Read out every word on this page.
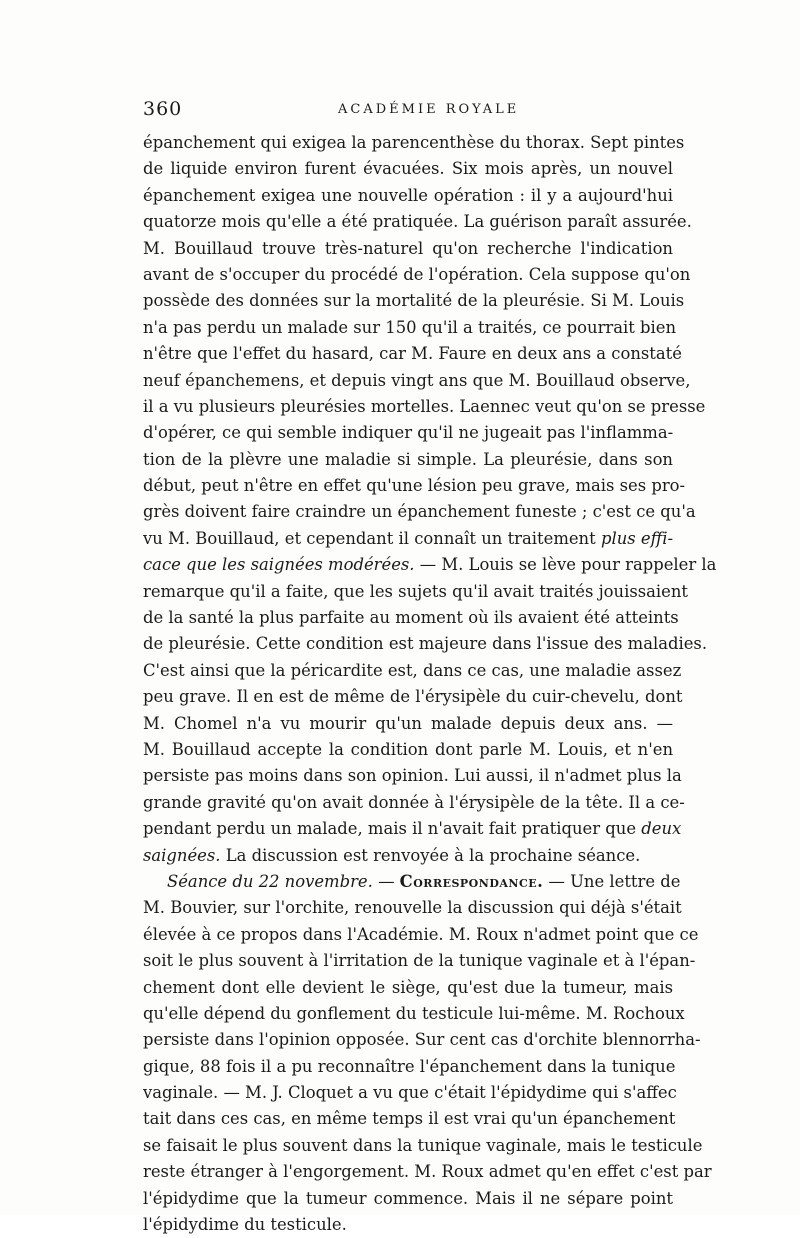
360	ACADÉMIE ROYALE
épanchement qui exigea la parencenthèse du thorax. Sept pintes
de liquide environ furent évacuées. Six mois après, un nouvel
épanchement exigea une nouvelle opération : il y a aujourd'hui
quatorze mois qu'elle a été pratiquée. La guérison paraît assurée.
M. Bouillaud trouve très-naturel qu'on recherche l'indication
avant de s'occuper du procédé de l'opération. Cela suppose qu'on
possède des données sur la mortalité de la pleurésie. Si M. Louis
n'a pas perdu un malade sur 150 qu'il a traités, ce pourrait bien
n'être que l'effet du hasard, car M. Faure en deux ans a constaté
neuf épanchemens, et depuis vingt ans que M. Bouillaud observe,
il a vu plusieurs pleurésies mortelles. Laennec veut qu'on se presse
d'opérer, ce qui semble indiquer qu'il ne jugeait pas l'inflamma-
tion de la plèvre une maladie si simple. La pleurésie, dans son
début, peut n'être en effet qu'une lésion peu grave, mais ses pro-
grès doivent faire craindre un épanchement funeste ; c'est ce qu'a
vu M. Bouillaud, et cependant il connaît un traitement plus effi-
cace que les saignées modérées. — M. Louis se lève pour rappeler la
remarque qu'il a faite, que les sujets qu'il avait traités jouissaient
de la santé la plus parfaite au moment où ils avaient été atteints
de pleurésie. Cette condition est majeure dans l'issue des maladies.
C'est ainsi que la péricardite est, dans ce cas, une maladie assez
peu grave. Il en est de même de l'érysipèle du cuir-chevelu, dont
M. Chomel n'a vu mourir qu'un malade depuis deux ans. —
M. Bouillaud accepte la condition dont parle M. Louis, et n'en
persiste pas moins dans son opinion. Lui aussi, il n'admet plus la
grande gravité qu'on avait donnée à l'érysipèle de la tête. Il a ce-
pendant perdu un malade, mais il n'avait fait pratiquer que deux
saignées. La discussion est renvoyée à la prochaine séance.
Séance du 22 novembre. — Correspondance. — Une lettre de
M. Bouvier, sur l'orchite, renouvelle la discussion qui déjà s'était
élevée à ce propos dans l'Académie. M. Roux n'admet point que ce
soit le plus souvent à l'irritation de la tunique vaginale et à l'épan-
chement dont elle devient le siège, qu'est due la tumeur, mais
qu'elle dépend du gonflement du testicule lui-même. M. Rochoux
persiste dans l'opinion opposée. Sur cent cas d'orchite blennorrha-
gique, 88 fois il a pu reconnaître l'épanchement dans la tunique
vaginale. — M. J. Cloquet a vu que c'était l'épidydime qui s'affec
tait dans ces cas, en même temps il est vrai qu'un épanchement
se faisait le plus souvent dans la tunique vaginale, mais le testicule
reste étranger à l'engorgement. M. Roux admet qu'en effet c'est par
l'épidydime que la tumeur commence. Mais il ne sépare point
l'épidydime du testicule.
